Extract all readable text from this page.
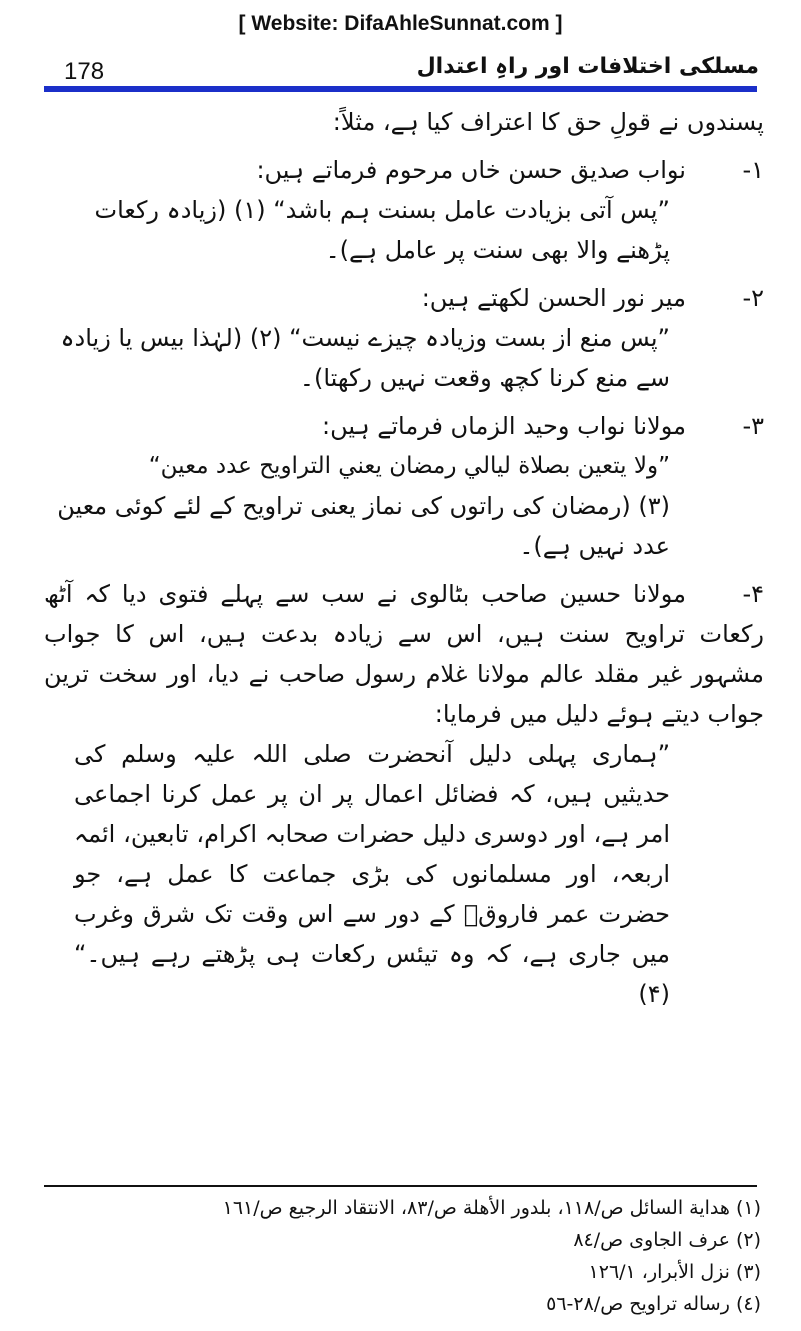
[ Website: DifaAhleSunnat.com ]
178	مسلکی اختلافات اور راہِ اعتدال

پسندوں نے قولِ حق کا اعتراف کیا ہے، مثلاً:

۱-
نواب صدیق حسن خاں مرحوم فرماتے ہیں:

”پس آتی بزیادت عامل بسنت ہم باشد“ (۱) (زیادہ رکعات پڑھنے والا بھی سنت پر عامل ہے)۔

۲-
میر نور الحسن لکھتے ہیں:

”پس منع از بست وزیادہ چیزے نیست“ (۲) (لہٰذا بیس یا زیادہ سے منع کرنا کچھ وقعت نہیں رکھتا)۔

۳-
مولانا نواب وحید الزماں فرماتے ہیں:

”ولا يتعين بصلاة ليالي رمضان يعني التراويح عدد معين“

(۳) (رمضان کی راتوں کی نماز یعنی تراویح کے لئے کوئی معین عدد نہیں ہے)۔

۴-مولانا حسین صاحب بٹالوی نے سب سے پہلے فتوی دیا کہ آٹھ رکعات تراویح سنت ہیں، اس سے زیادہ بدعت ہیں، اس کا جواب مشہور غیر مقلد عالم مولانا غلام رسول صاحب نے دیا، اور سخت ترین جواب دیتے ہوئے دلیل میں فرمایا:

”ہماری پہلی دلیل آنحضرت صلی اللہ علیہ وسلم کی حدیثیں ہیں، کہ فضائل اعمال پر ان پر عمل کرنا اجماعی امر ہے، اور دوسری دلیل حضرات صحابہ اکرام، تابعین، ائمہ اربعہ، اور مسلمانوں کی بڑی جماعت کا عمل ہے، جو حضرت عمر فاروقؓ کے دور سے اس وقت تک شرق وغرب میں جاری ہے، کہ وہ تیئس رکعات ہی پڑھتے رہے ہیں۔“ (۴)

(١) هداية السائل ص/١١٨، بلدور الأهلة ص/٨٣، الانتقاد الرجيع ص/١٦١

(٢) عرف الجاوی ص/٨٤

(٣) نزل الأبرار، ١٢٦/١

(٤) رساله تراويح ص/٢٨-٥٦
